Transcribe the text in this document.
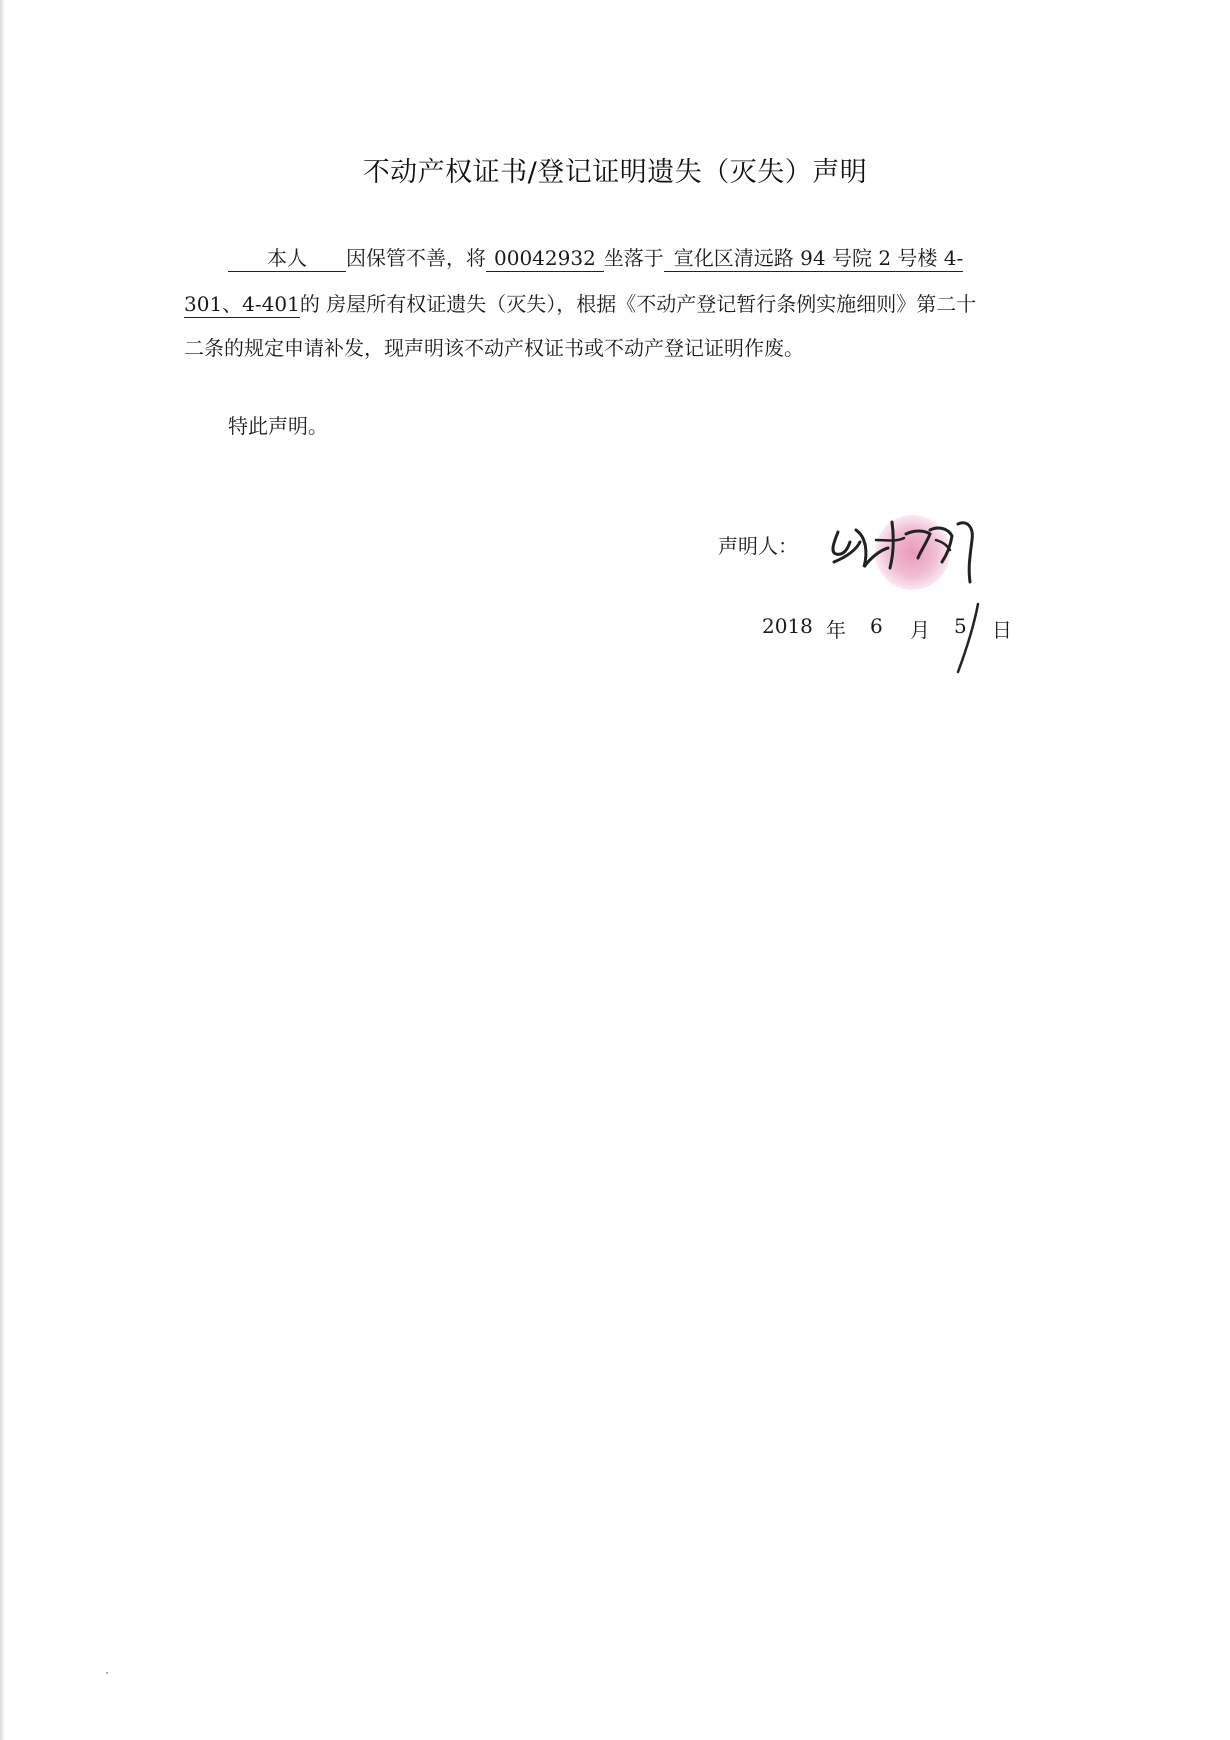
不动产权证书/登记证明遗失（灭失）声明
本人 因保管不善，将 00042932 坐落于 宣化区清远路 94 号院 2 号楼 4-
301、4-401的 房屋所有权证遗失（灭失），根据《不动产登记暂行条例实施细则》第二十
二条的规定申请补发，现声明该不动产权证书或不动产登记证明作废。
特此声明。
声明人：
2018 年 6 月 5 日
